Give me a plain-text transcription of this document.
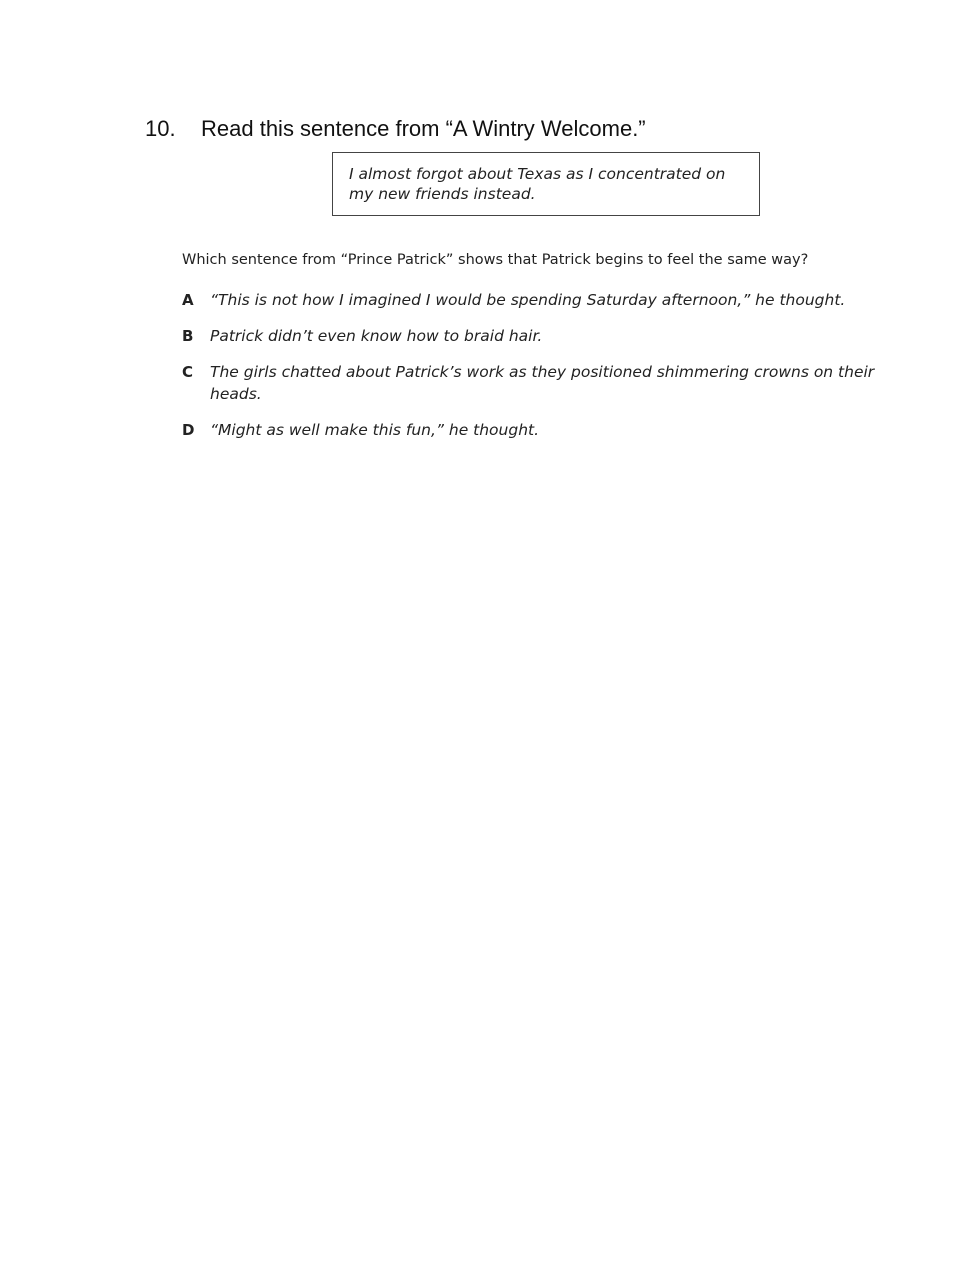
10. Read this sentence from “A Wintry Welcome.”
I almost forgot about Texas as I concentrated on
my new friends instead.
Which sentence from “Prince Patrick” shows that Patrick begins to feel the same way?
A	“This is not how I imagined I would be spending Saturday afternoon,” he thought.
B	Patrick didn’t even know how to braid hair.
C	The girls chatted about Patrick’s work as they positioned shimmering crowns on their heads.
D	“Might as well make this fun,” he thought.
